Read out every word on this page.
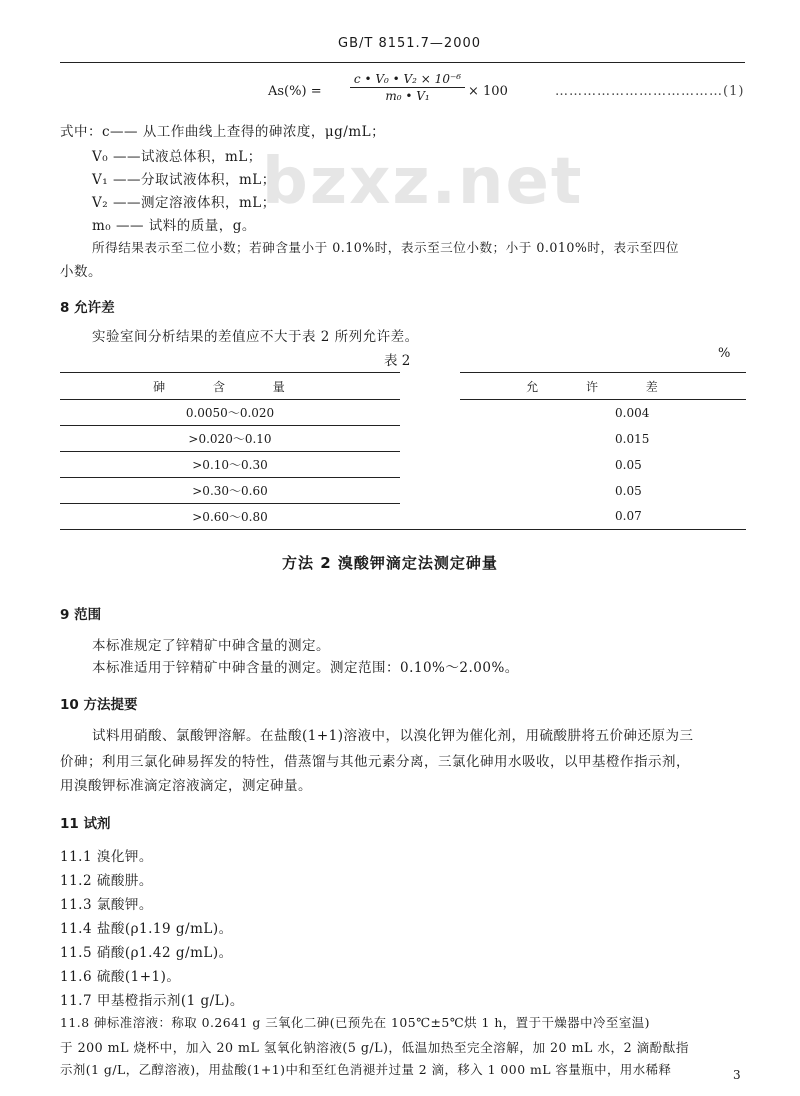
GB/T 8151.7—2000
As(%) =
c • V₀ • V₂ × 10⁻⁶
m₀ • V₁	× 100	………………………………(1)
bzxz.net
式中：c—— 从工作曲线上查得的砷浓度，μg/mL；
V₀ ——试液总体积，mL；
V₁ ——分取试液体积，mL；
V₂ ——测定溶液体积，mL；
m₀ —— 试料的质量，g。
所得结果表示至二位小数；若砷含量小于 0.10%时，表示至三位小数；小于 0.010%时，表示至四位
小数。
8 允许差
实验室间分析结果的差值应不大于表 2 所列允许差。
表 2	%
砷 含 量		允 许 差
0.0050～0.020		0.004
>0.020～0.10		0.015
>0.10～0.30		0.05
>0.30～0.60		0.05
>0.60～0.80		0.07
方法 2 溴酸钾滴定法测定砷量
9 范围
本标准规定了锌精矿中砷含量的测定。
本标准适用于锌精矿中砷含量的测定。测定范围：0.10%～2.00%。
10 方法提要
试料用硝酸、氯酸钾溶解。在盐酸(1+1)溶液中，以溴化钾为催化剂，用硫酸肼将五价砷还原为三
价砷；利用三氯化砷易挥发的特性，借蒸馏与其他元素分离，三氯化砷用水吸收，以甲基橙作指示剂，
用溴酸钾标准滴定溶液滴定，测定砷量。
11 试剂
11.1 溴化钾。
11.2 硫酸肼。
11.3 氯酸钾。
11.4 盐酸(ρ1.19 g/mL)。
11.5 硝酸(ρ1.42 g/mL)。
11.6 硫酸(1+1)。
11.7 甲基橙指示剂(1 g/L)。
11.8 砷标准溶液：称取 0.2641 g 三氧化二砷(已预先在 105℃±5℃烘 1 h，置于干燥器中冷至室温)
于 200 mL 烧杯中，加入 20 mL 氢氧化钠溶液(5 g/L)，低温加热至完全溶解，加 20 mL 水，2 滴酚酞指
示剂(1 g/L，乙醇溶液)，用盐酸(1+1)中和至红色消褪并过量 2 滴，移入 1 000 mL 容量瓶中，用水稀释	3
